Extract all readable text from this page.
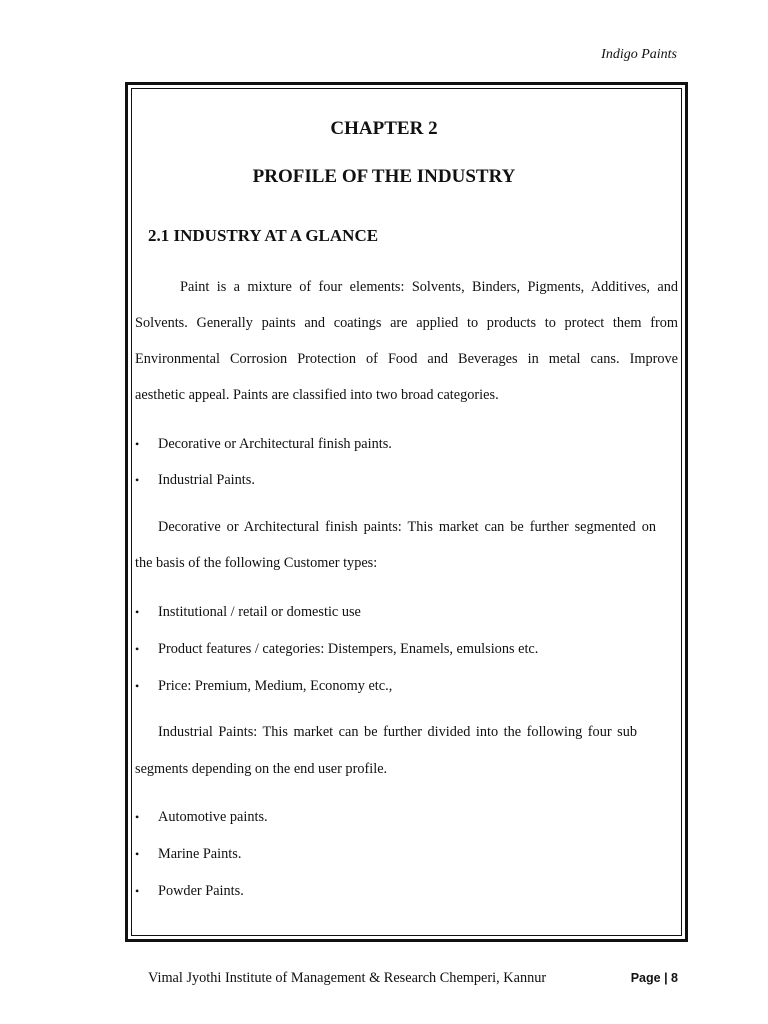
Indigo Paints
CHAPTER 2
PROFILE OF THE INDUSTRY
2.1 INDUSTRY AT A GLANCE
Paint is a mixture of four elements: Solvents, Binders, Pigments, Additives, and
Solvents. Generally paints and coatings are applied to products to protect them from
Environmental Corrosion Protection of Food and Beverages in metal cans. Improve
aesthetic appeal. Paints are classified into two broad categories.
• Decorative or Architectural finish paints.
• Industrial Paints.
Decorative or Architectural finish paints: This market can be further segmented on
the basis of the following Customer types:
• Institutional / retail or domestic use
• Product features / categories: Distempers, Enamels, emulsions etc.
• Price: Premium, Medium, Economy etc.,
Industrial Paints: This market can be further divided into the following four sub
segments depending on the end user profile.
• Automotive paints.
• Marine Paints.
• Powder Paints.
Vimal Jyothi Institute of Management & Research Chemperi, Kannur	Page | 8
